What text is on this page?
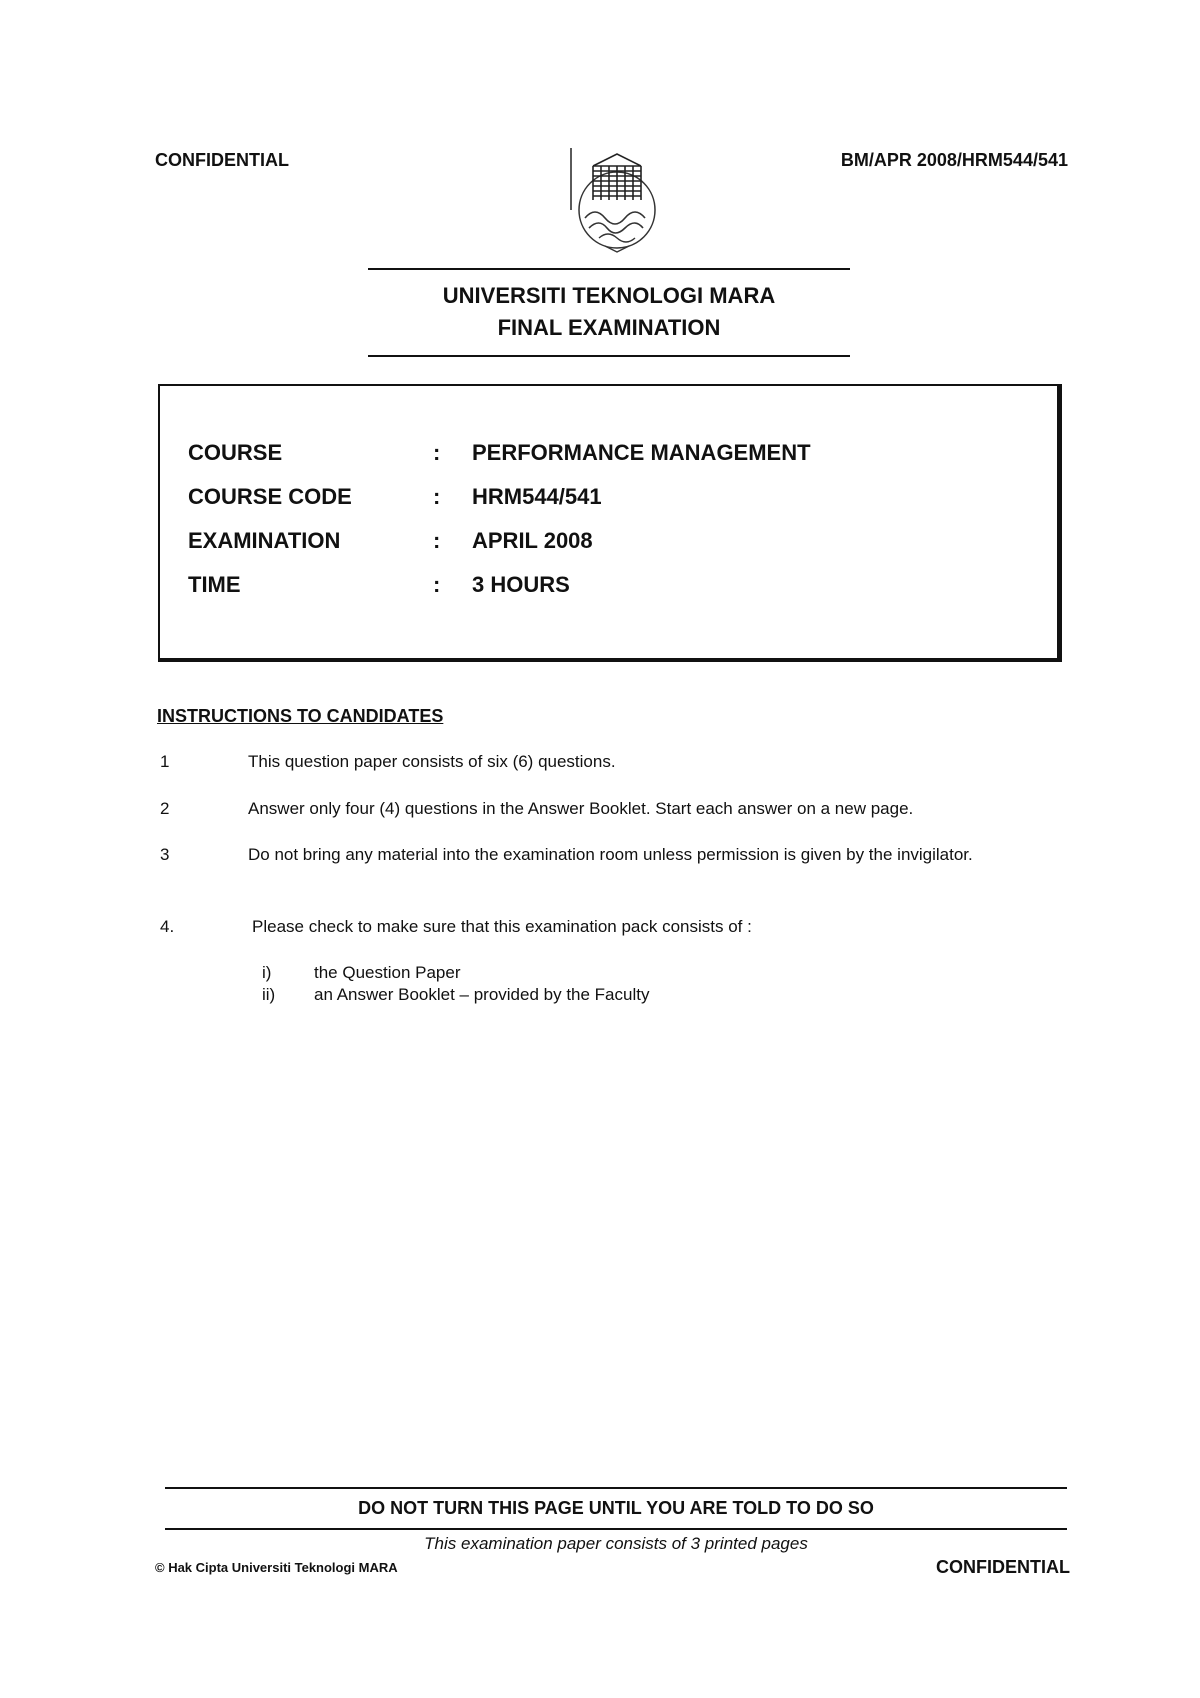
CONFIDENTIAL	BM/APR 2008/HRM544/541
UNIVERSITI TEKNOLOGI MARA
FINAL EXAMINATION
COURSE	: PERFORMANCE MANAGEMENT
COURSE CODE	: HRM544/541
EXAMINATION	: APRIL 2008
TIME	: 3 HOURS
INSTRUCTIONS TO CANDIDATES
1	This question paper consists of six (6) questions.
2	Answer only four (4) questions in the Answer Booklet. Start each answer on a new page.
3	Do not bring any material into the examination room unless permission is given by the invigilator.
4.	Please check to make sure that this examination pack consists of :
i)	the Question Paper
ii) an Answer Booklet – provided by the Faculty
DO NOT TURN THIS PAGE UNTIL YOU ARE TOLD TO DO SO
This examination paper consists of 3 printed pages
© Hak Cipta Universiti Teknologi MARA	CONFIDENTIAL
